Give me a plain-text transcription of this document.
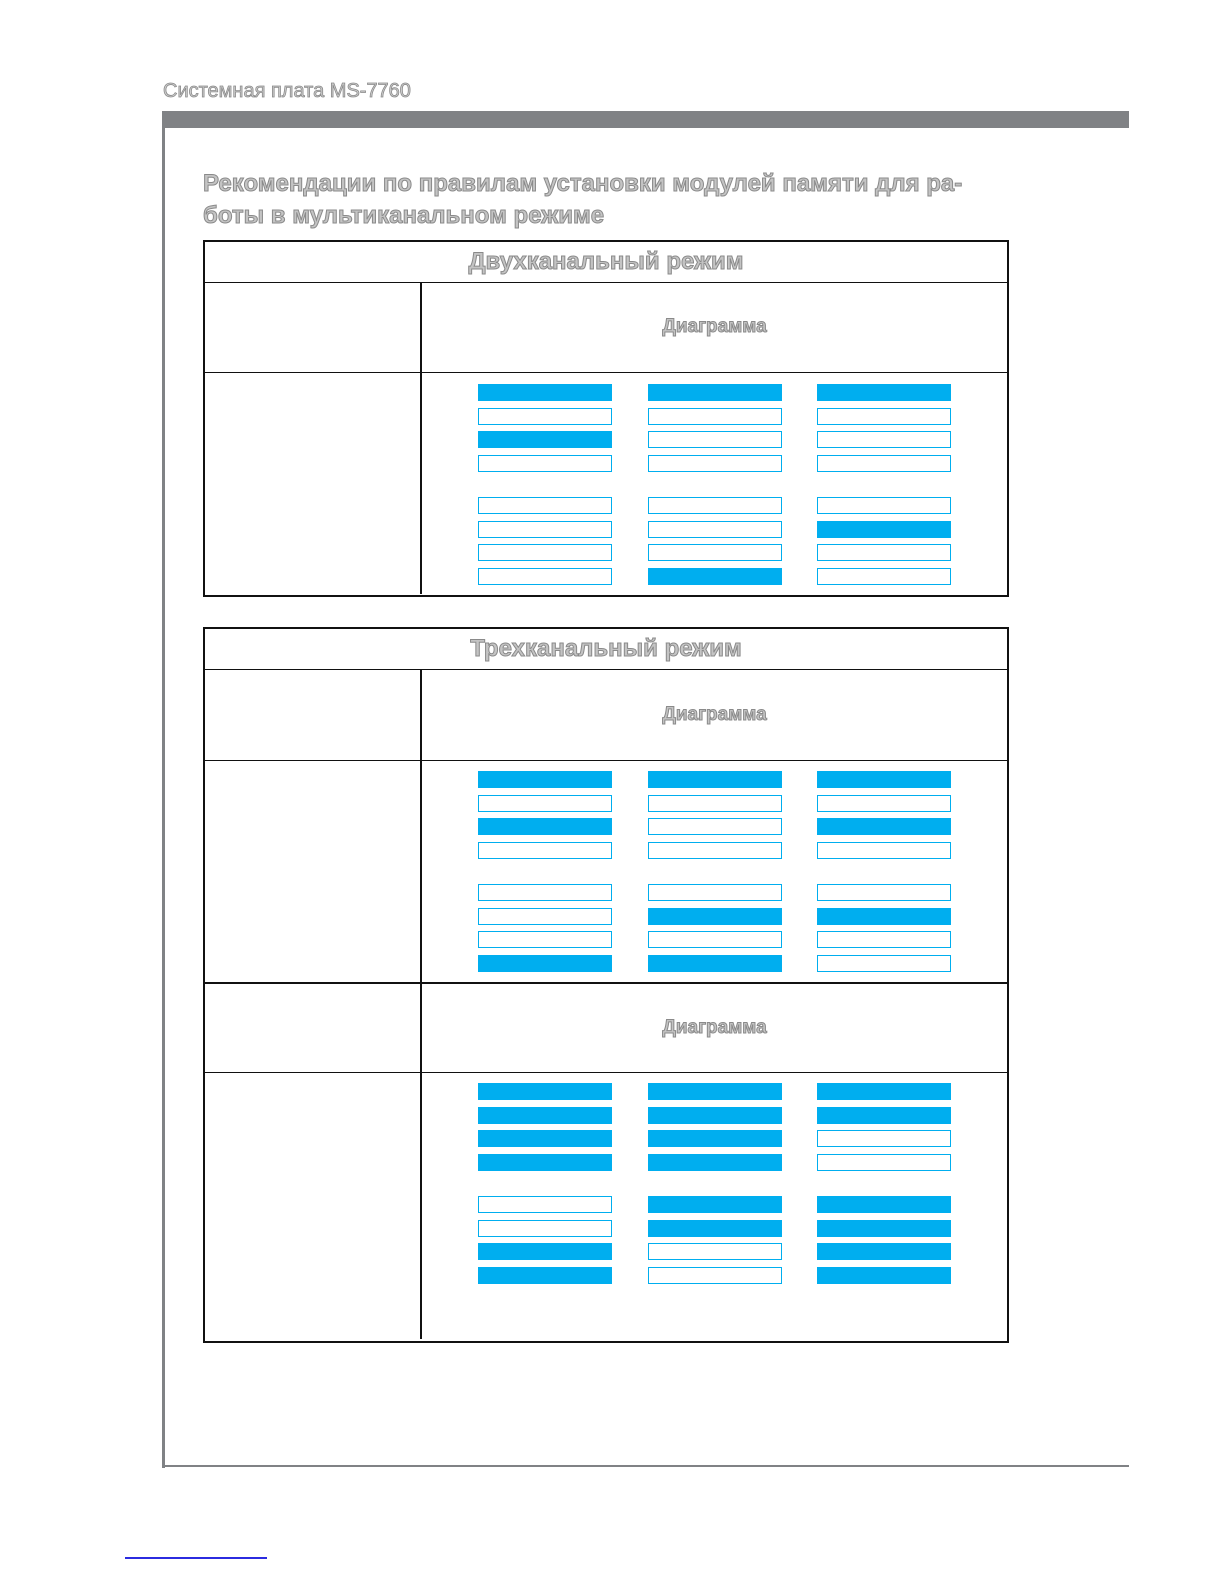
Системная плата MS-7760
Рекомендации по правилам установки модулей памяти для ра-боты в мультиканальном режиме
Двухканальный режим
Диаграмма
Трехканальный режим
Диаграмма
Диаграмма
